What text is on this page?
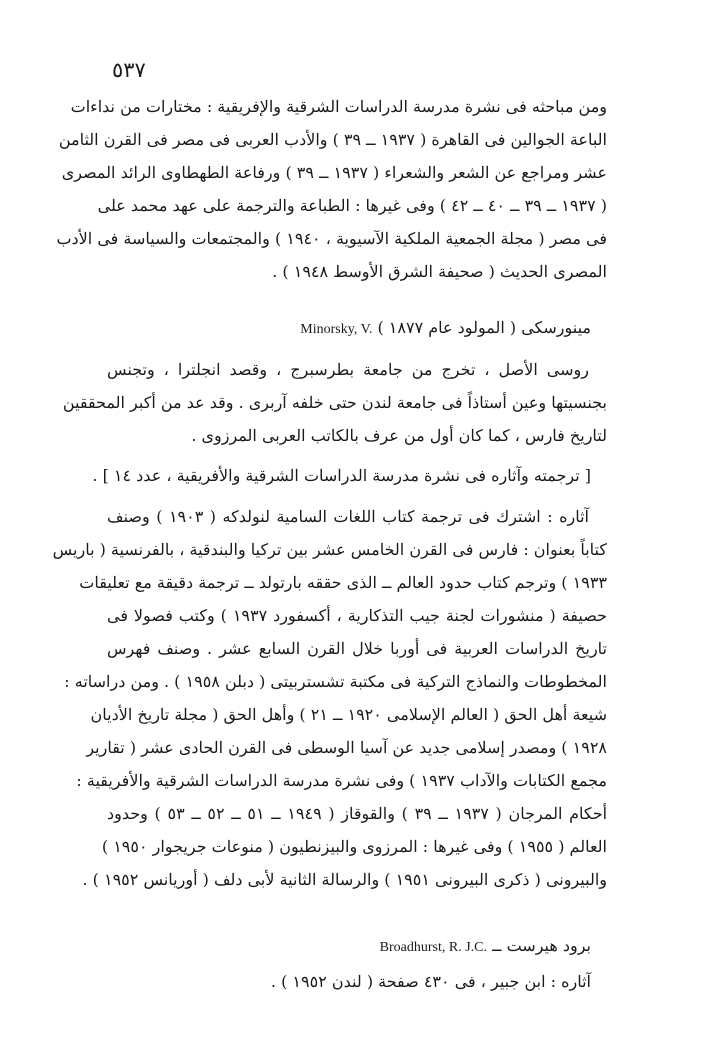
٥٣٧
ومن مباحثه فى نشرة مدرسة الدراسات الشرقية والإفريقية : مختارات من نداءات
الباعة الجوالين فى القاهرة ( ١٩٣٧ ــ ٣٩ ) والأدب العربى فى مصر فى القرن الثامن
عشر ومراجع عن الشعر والشعراء ( ١٩٣٧ ــ ٣٩ ) ورفاعة الطهطاوى الرائد المصرى
( ١٩٣٧ ــ ٣٩ ــ ٤٠ ــ ٤٢ ) وفى غيرها : الطباعة والترجمة على عهد محمد على
فى مصر ( مجلة الجمعية الملكية الآسيوية ، ١٩٤٠ ) والمجتمعات والسياسة فى الأدب
المصرى الحديث ( صحيفة الشرق الأوسط ١٩٤٨ ) .
مينورسكى ( المولود عام ١٨٧٧ ) Minorsky, V.
روسى الأصل ، تخرج من جامعة بطرسبرج ، وقصد انجلترا ، وتجنس
بجنسيتها وعين أستاذاً فى جامعة لندن حتى خلفه آربرى . وقد عد من أكبر المحققين
لتاريخ فارس ، كما كان أول من عرف بالكاتب العربى المرزوى .
[ ترجمته وآثاره فى نشرة مدرسة الدراسات الشرقية والأفريقية ، عدد ١٤ ] .
آثاره : اشترك فى ترجمة كتاب اللغات السامية لنولدكه ( ١٩٠٣ ) وصنف
كتاباً بعنوان : فارس فى القرن الخامس عشر بين تركيا والبندقية ، بالفرنسية ( باريس
١٩٣٣ ) وترجم كتاب حدود العالم ــ الذى حققه بارتولد ــ ترجمة دقيقة مع تعليقات
حصيفة ( منشورات لجنة جيب التذكارية ، أكسفورد ١٩٣٧ ) وكتب فصولا فى
تاريخ الدراسات العربية فى أوربا خلال القرن السابع عشر . وصنف فهرس
المخطوطات والنماذج التركية فى مكتبة تشستربيتى ( دبلن ١٩٥٨ ) . ومن دراساته :
شيعة أهل الحق ( العالم الإسلامى ١٩٢٠ ــ ٢١ ) وأهل الحق ( مجلة تاريخ الأديان
١٩٢٨ ) ومصدر إسلامى جديد عن آسيا الوسطى فى القرن الحادى عشر ( تقارير
مجمع الكتابات والآداب ١٩٣٧ ) وفى نشرة مدرسة الدراسات الشرقية والأفريقية :
أحكام المرجان ( ١٩٣٧ ــ ٣٩ ) والقوقاز ( ١٩٤٩ ــ ٥١ ــ ٥٢ ــ ٥٣ ) وحدود
العالم ( ١٩٥٥ ) وفى غيرها : المرزوى والبيزنطيون ( منوعات جريجوار ١٩٥٠ )
والبيرونى ( ذكرى البيرونى ١٩٥١ ) والرسالة الثانية لأبى دلف ( أوريانس ١٩٥٢ ) .
برود هيرست ــ Broadhurst, R. J.C.
آثاره : ابن جبير ، فى ٤٣٠ صفحة ( لندن ١٩٥٢ ) .
